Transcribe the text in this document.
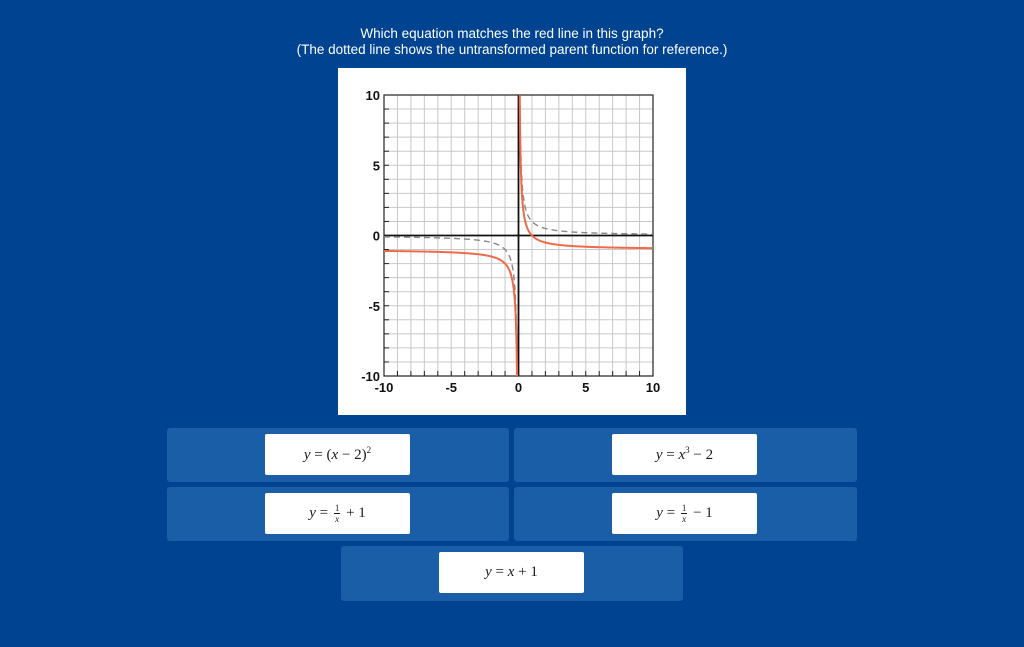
Which equation matches the red line in this graph?
(The dotted line shows the untransformed parent function for reference.)
-10	-5	0	5	10
10
5
0
-5
-10
$y = (x - 2)^2$	$y = x^3 - 2$
$y = \frac{1}{x} + 1$	$y = \frac{1}{x} - 1$
y = x + 1
